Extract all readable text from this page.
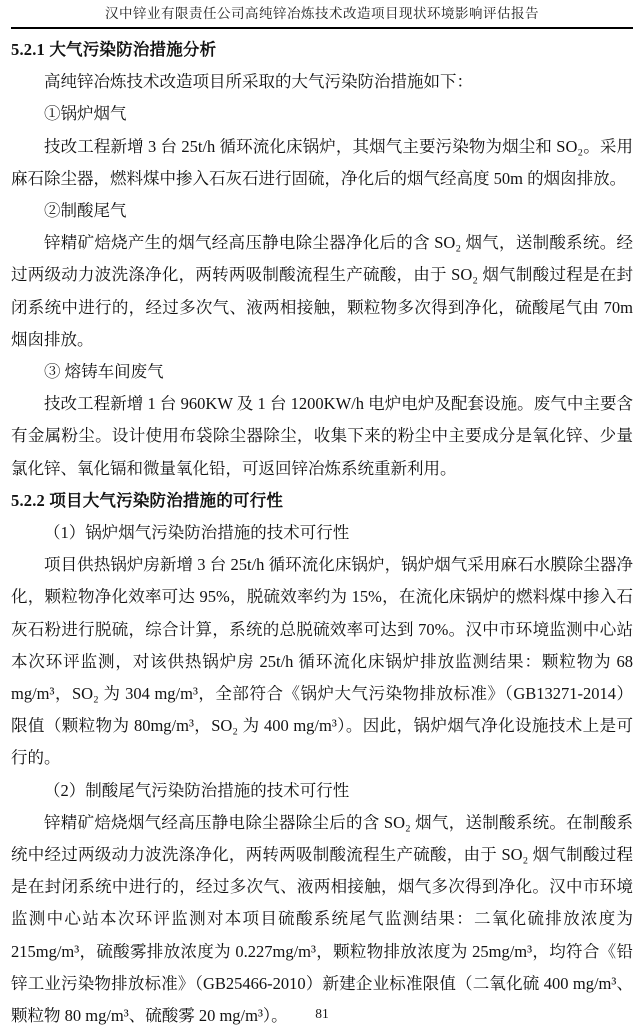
汉中锌业有限责任公司高纯锌冶炼技术改造项目现状环境影响评估报告
5.2.1 大气污染防治措施分析

高纯锌冶炼技术改造项目所采取的大气污染防治措施如下：

①锅炉烟气

技改工程新增 3 台 25t/h 循环流化床锅炉，其烟气主要污染物为烟尘和 SO₂。采用麻石除尘器，燃料煤中掺入石灰石进行固硫，净化后的烟气经高度 50m 的烟囱排放。

②制酸尾气

锌精矿焙烧产生的烟气经高压静电除尘器净化后的含 SO₂ 烟气，送制酸系统。经过两级动力波洗涤净化，两转两吸制酸流程生产硫酸，由于 SO₂ 烟气制酸过程是在封闭系统中进行的，经过多次气、液两相接触，颗粒物多次得到净化，硫酸尾气由 70m 烟囱排放。

③ 熔铸车间废气

技改工程新增 1 台 960KW 及 1 台 1200KW/h 电炉电炉及配套设施。废气中主要含有金属粉尘。设计使用布袋除尘器除尘，收集下来的粉尘中主要成分是氧化锌、少量氯化锌、氧化镉和微量氧化铅，可返回锌冶炼系统重新利用。

5.2.2 项目大气污染防治措施的可行性

（1）锅炉烟气污染防治措施的技术可行性

项目供热锅炉房新增 3 台 25t/h 循环流化床锅炉，锅炉烟气采用麻石水膜除尘器净化，颗粒物净化效率可达 95%，脱硫效率约为 15%，在流化床锅炉的燃料煤中掺入石灰石粉进行脱硫，综合计算，系统的总脱硫效率可达到 70%。汉中市环境监测中心站本次环评监测，对该供热锅炉房 25t/h 循环流化床锅炉排放监测结果：颗粒物为 68 mg/m³，SO₂ 为 304 mg/m³，全部符合《锅炉大气污染物排放标准》（GB13271-2014）限值（颗粒物为 80mg/m³，SO₂ 为 400 mg/m³）。因此，锅炉烟气净化设施技术上是可行的。

（2）制酸尾气污染防治措施的技术可行性

锌精矿焙烧烟气经高压静电除尘器除尘后的含 SO₂ 烟气，送制酸系统。在制酸系统中经过两级动力波洗涤净化，两转两吸制酸流程生产硫酸，由于 SO₂ 烟气制酸过程是在封闭系统中进行的，经过多次气、液两相接触，烟气多次得到净化。汉中市环境监测中心站本次环评监测对本项目硫酸系统尾气监测结果：二氧化硫排放浓度为 215mg/m³，硫酸雾排放浓度为 0.227mg/m³，颗粒物排放浓度为 25mg/m³，均符合《铅锌工业污染物排放标准》（GB25466-2010）新建企业标准限值（二氧化硫 400 mg/m³、颗粒物 80 mg/m³、硫酸雾 20 mg/m³）。	81
